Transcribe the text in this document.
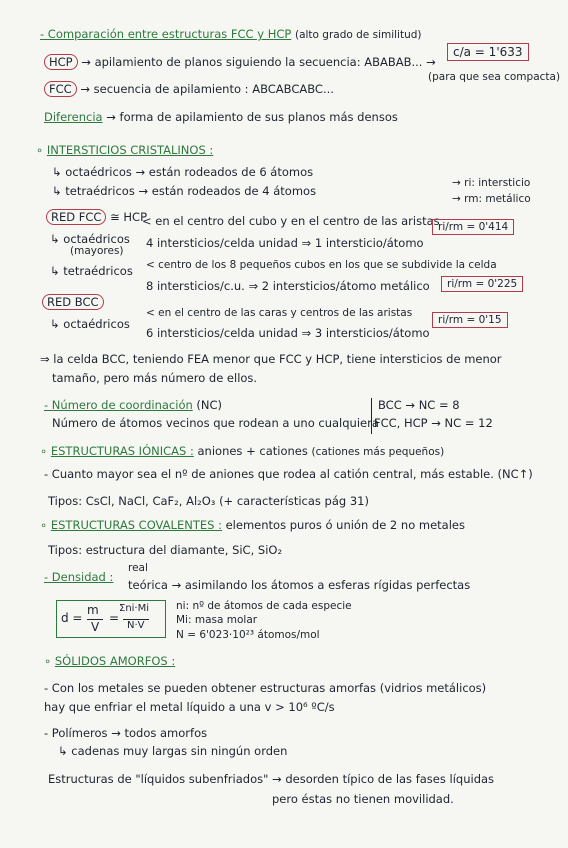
- Comparación entre estructuras FCC y HCP (alto grado de similitud)
HCP → apilamiento de planos siguiendo la secuencia: ABABAB... →
c/a = 1'633
(para que sea compacta)
FCC → secuencia de apilamiento : ABCABCABC...
Diferencia → forma de apilamiento de sus planos más densos
∘ INTERSTICIOS CRISTALINOS :
↳ octaédricos → están rodeados de 6 átomos
↳ tetraédricos → están rodeados de 4 átomos
→ ri: intersticio
→ rm: metálico
RED FCC ≅ HCP
< en el centro del cubo y en el centro de las aristas
ri/rm = 0'414
↳ octaédricos
(mayores)
4 intersticios/celda unidad ⇒ 1 intersticio/átomo
↳ tetraédricos < centro de los 8 pequeños cubos en los que se subdivide la celda
8 intersticios/c.u. ⇒ 2 intersticios/átomo metálico	ri/rm = 0'225
RED BCC
↳ octaédricos
< en el centro de las caras y centros de las aristas
6 intersticios/celda unidad ⇒ 3 intersticios/átomo
ri/rm = 0'15
⇒ la celda BCC, teniendo FEA menor que FCC y HCP, tiene intersticios de menor
tamaño, pero más número de ellos.
- Número de coordinación (NC)
Número de átomos vecinos que rodean a uno cualquiera
BCC → NC = 8
FCC, HCP → NC = 12
∘ ESTRUCTURAS IÓNICAS : aniones + cationes (cationes más pequeños)
- Cuanto mayor sea el nº de aniones que rodea al catión central, más estable. (NC↑)
Tipos: CsCl, NaCl, CaF₂, Al₂O₃ (+ características pág 31)
∘ ESTRUCTURAS COVALENTES : elementos puros ó unión de 2 no metales
Tipos: estructura del diamante, SiC, SiO₂
- Densidad :
real
teórica → asimilando los átomos a esferas rígidas perfectas
d =
m
V
=
Σni·Mi
N·V
ni: nº de átomos de cada especie
Mi: masa molar
N = 6'023·10²³ átomos/mol
∘ SÓLIDOS AMORFOS :
- Con los metales se pueden obtener estructuras amorfas (vidrios metálicos)
hay que enfriar el metal líquido a una v > 10⁶ ºC/s
- Polímeros → todos amorfos
↳ cadenas muy largas sin ningún orden
Estructuras de "líquidos subenfriados" → desorden típico de las fases líquidas
pero éstas no tienen movilidad.
